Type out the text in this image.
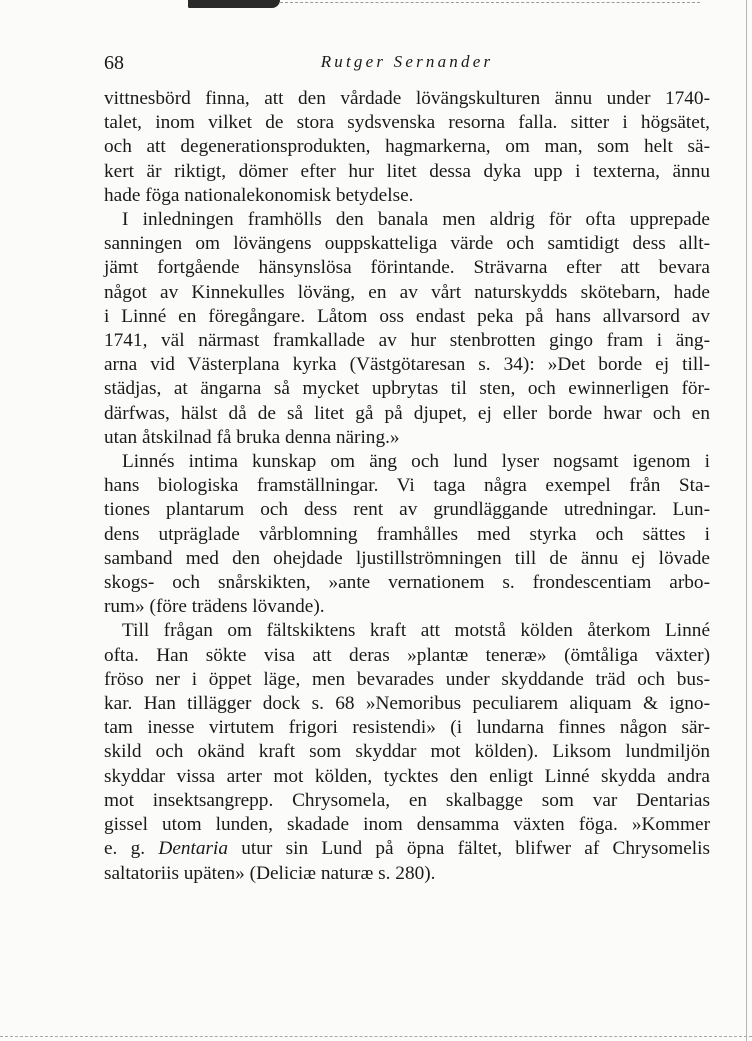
68	Rutger Sernander
vittnesbörd finna, att den vårdade lövängskulturen ännu under 1740-
talet, inom vilket de stora sydsvenska resorna falla. sitter i högsätet,
och att degenerationsprodukten, hagmarkerna, om man, som helt sä-
kert är riktigt, dömer efter hur litet dessa dyka upp i texterna, ännu
hade föga nationalekonomisk betydelse.
I inledningen framhölls den banala men aldrig för ofta upprepade
sanningen om lövängens ouppskatteliga värde och samtidigt dess allt-
jämt fortgående hänsynslösa förintande. Strävarna efter att bevara
något av Kinnekulles löväng, en av vårt naturskydds skötebarn, hade
i Linné en föregångare. Låtom oss endast peka på hans allvarsord av
1741, väl närmast framkallade av hur stenbrotten gingo fram i äng-
arna vid Västerplana kyrka (Västgötaresan s. 34): »Det borde ej till-
städjas, at ängarna så mycket upbrytas til sten, och ewinnerligen för-
därfwas, hälst då de så litet gå på djupet, ej eller borde hwar och en
utan åtskilnad få bruka denna näring.»
Linnés intima kunskap om äng och lund lyser nogsamt igenom i
hans biologiska framställningar. Vi taga några exempel från Sta-
tiones plantarum och dess rent av grundläggande utredningar. Lun-
dens utpräglade vårblomning framhålles med styrka och sättes i
samband med den ohejdade ljustillströmningen till de ännu ej lövade
skogs- och snårskikten, »ante vernationem s. frondescentiam arbo-
rum» (före trädens lövande).
Till frågan om fältskiktens kraft att motstå kölden återkom Linné
ofta. Han sökte visa att deras »plantæ teneræ» (ömtåliga växter)
fröso ner i öppet läge, men bevarades under skyddande träd och bus-
kar. Han tillägger dock s. 68 »Nemoribus peculiarem aliquam & igno-
tam inesse virtutem frigori resistendi» (i lundarna finnes någon sär-
skild och okänd kraft som skyddar mot kölden). Liksom lundmiljön
skyddar vissa arter mot kölden, tycktes den enligt Linné skydda andra
mot insektsangrepp. Chrysomela, en skalbagge som var Dentarias
gissel utom lunden, skadade inom densamma växten föga. »Kommer
e. g. Dentaria utur sin Lund på öpna fältet, blifwer af Chrysomelis
saltatoriis upäten» (Deliciæ naturæ s. 280).
